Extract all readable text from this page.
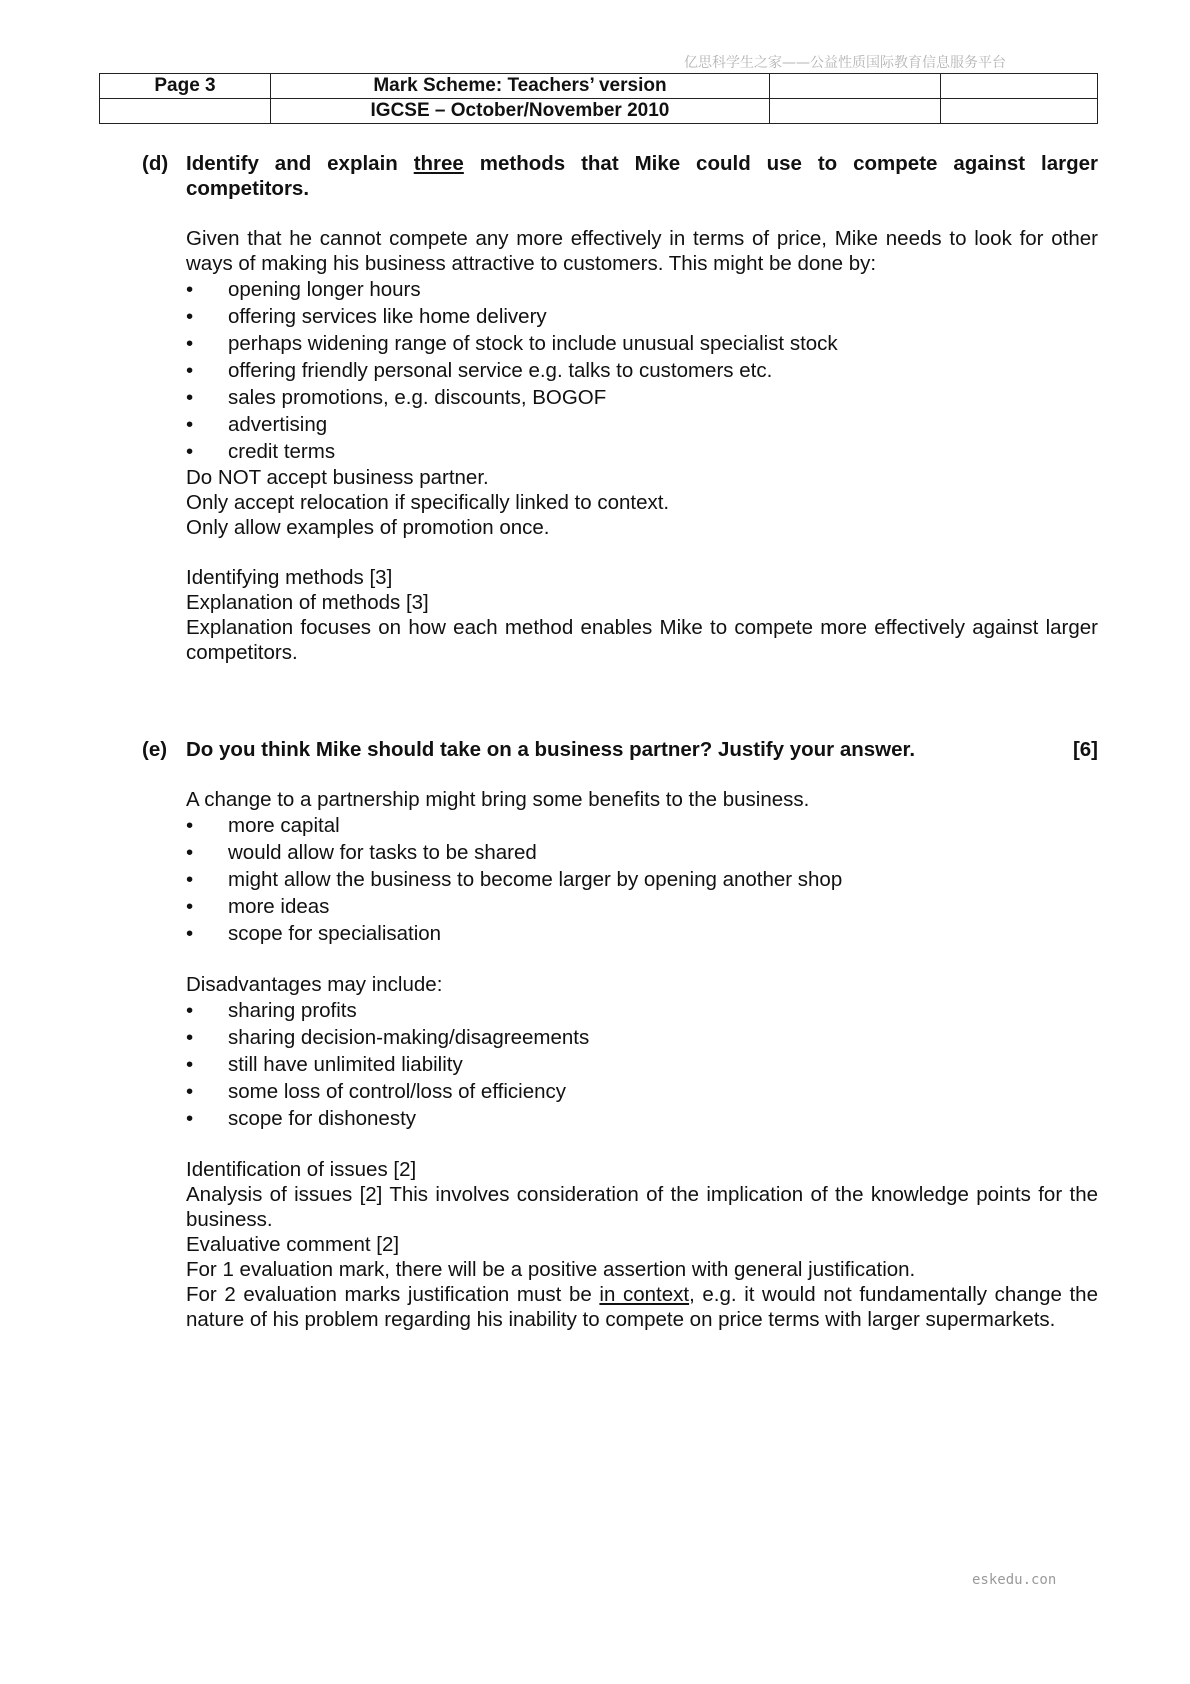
亿思科学生之家——公益性质国际教育信息服务平台
Page 3	Mark Scheme: Teachers’ version		
	IGCSE – October/November 2010		
(d) Identify and explain three methods that Mike could use to compete against larger competitors.
Given that he cannot compete any more effectively in terms of price, Mike needs to look for other ways of making his business attractive to customers. This might be done by:
• opening longer hours
• offering services like home delivery
• perhaps widening range of stock to include unusual specialist stock
• offering friendly personal service e.g. talks to customers etc.
• sales promotions, e.g. discounts, BOGOF
• advertising
• credit terms
Do NOT accept business partner.
Only accept relocation if specifically linked to context.
Only allow examples of promotion once.
Identifying methods [3]
Explanation of methods [3]
Explanation focuses on how each method enables Mike to compete more effectively against larger competitors.
(e) Do you think Mike should take on a business partner? Justify your answer.	[6]
A change to a partnership might bring some benefits to the business.
• more capital
• would allow for tasks to be shared
• might allow the business to become larger by opening another shop
• more ideas
• scope for specialisation
Disadvantages may include:
• sharing profits
• sharing decision-making/disagreements
• still have unlimited liability
• some loss of control/loss of efficiency
• scope for dishonesty
Identification of issues [2]
Analysis of issues [2] This involves consideration of the implication of the knowledge points for the business.
Evaluative comment [2]
For 1 evaluation mark, there will be a positive assertion with general justification.
For 2 evaluation marks justification must be in context, e.g. it would not fundamentally change the nature of his problem regarding his inability to compete on price terms with larger supermarkets.
eskedu.con
